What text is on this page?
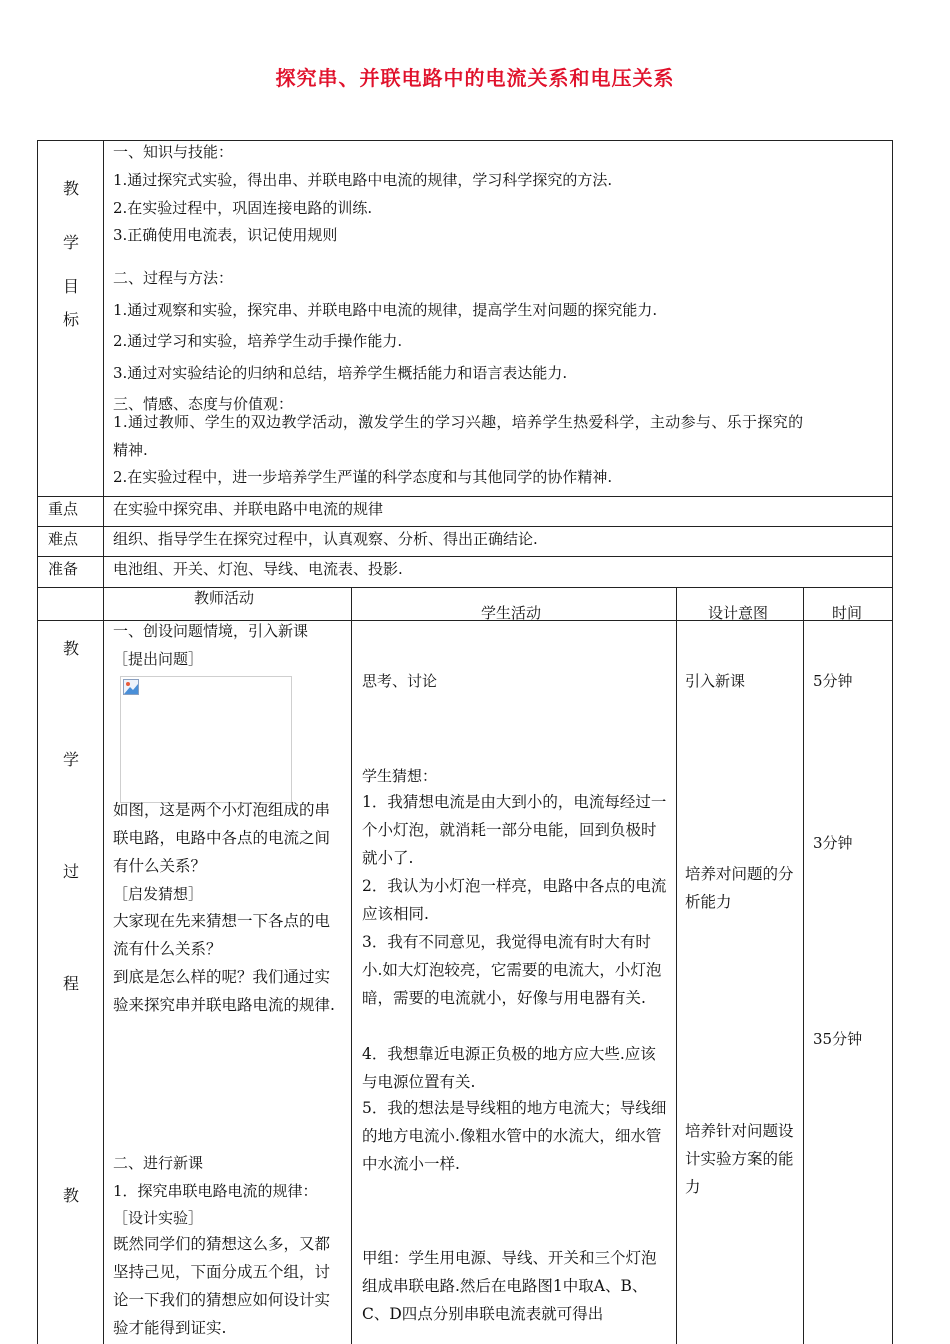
探究串、并联电路中的电流关系和电压关系
教
学
目
标
一、知识与技能：
1.通过探究式实验，得出串、并联电路中电流的规律，学习科学探究的方法.
2.在实验过程中，巩固连接电路的训练.
3.正确使用电流表，识记使用规则
二、过程与方法：
1.通过观察和实验，探究串、并联电路中电流的规律，提高学生对问题的探究能力.
2.通过学习和实验，培养学生动手操作能力.
3.通过对实验结论的归纳和总结，培养学生概括能力和语言表达能力.
三、情感、态度与价值观：
1.通过教师、学生的双边教学活动，激发学生的学习兴趣，培养学生热爱科学，主动参与、乐于探究的
精神.
2.在实验过程中，进一步培养学生严谨的科学态度和与其他同学的协作精神.
重点 在实验中探究串、并联电路中电流的规律
难点 组织、指导学生在探究过程中，认真观察、分析、得出正确结论.
准备 电池组、开关、灯泡、导线、电流表、投影.
教师活动
学生活动	设计意图	时间
教
学
过
程
教
一、创设问题情境，引入新课
［提出问题］
如图，这是两个小灯泡组成的串联电路，电路中各点的电流之间有什么关系？
［启发猜想］
大家现在先来猜想一下各点的电流有什么关系？
到底是怎么样的呢？我们通过实验来探究串并联电路电流的规律.
二、进行新课
1．探究串联电路电流的规律：
［设计实验］
既然同学们的猜想这么多，又都坚持己见，下面分成五个组，讨论一下我们的猜想应如何设计实验才能得到证实.
思考、讨论
学生猜想：
1．我猜想电流是由大到小的，电流每经过一个小灯泡，就消耗一部分电能，回到负极时就小了.
2．我认为小灯泡一样亮，电路中各点的电流应该相同.
3．我有不同意见，我觉得电流有时大有时小.如大灯泡较亮，它需要的电流大，小灯泡暗，需要的电流就小，好像与用电器有关.
4．我想靠近电源正负极的地方应大些.应该与电源位置有关.
5．我的想法是导线粗的地方电流大；导线细的地方电流小.像粗水管中的水流大，细水管中水流小一样.
甲组：学生用电源、导线、开关和三个灯泡组成串联电路.然后在电路图1中取A、B、C、D四点分别串联电流表就可得出
引入新课
培养对问题的分析能力
培养针对问题设计实验方案的能力
5分钟
3分钟
35分钟
